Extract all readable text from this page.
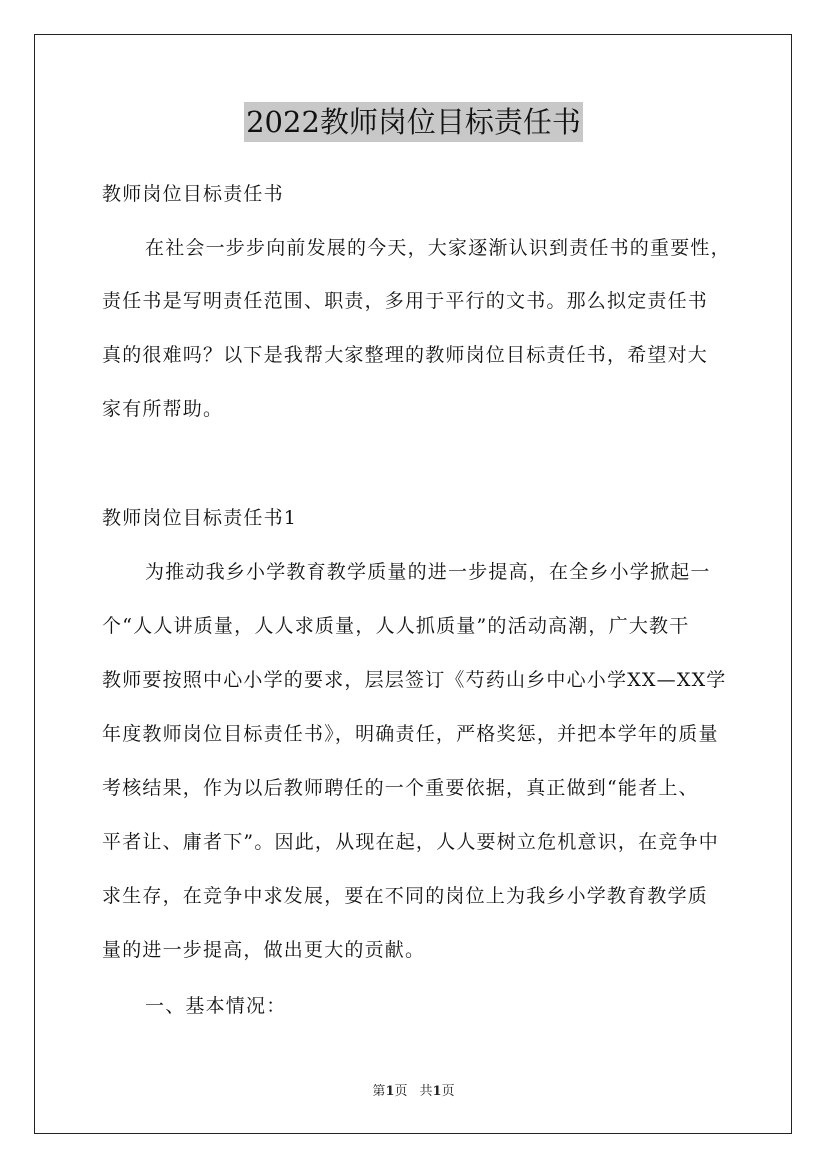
2022教师岗位目标责任书
教师岗位目标责任书
在社会一步步向前发展的今天，大家逐渐认识到责任书的重要性，
责任书是写明责任范围、职责，多用于平行的文书。那么拟定责任书
真的很难吗？以下是我帮大家整理的教师岗位目标责任书，希望对大
家有所帮助。
教师岗位目标责任书1
为推动我乡小学教育教学质量的进一步提高，在全乡小学掀起一
个“人人讲质量，人人求质量，人人抓质量”的活动高潮，广大教干
教师要按照中心小学的要求，层层签订《芍药山乡中心小学XX—XX学
年度教师岗位目标责任书》，明确责任，严格奖惩，并把本学年的质量
考核结果，作为以后教师聘任的一个重要依据，真正做到“能者上、
平者让、庸者下”。因此，从现在起，人人要树立危机意识，在竞争中
求生存，在竞争中求发展，要在不同的岗位上为我乡小学教育教学质
量的进一步提高，做出更大的贡献。
一、基本情况：
第1页 共1页
